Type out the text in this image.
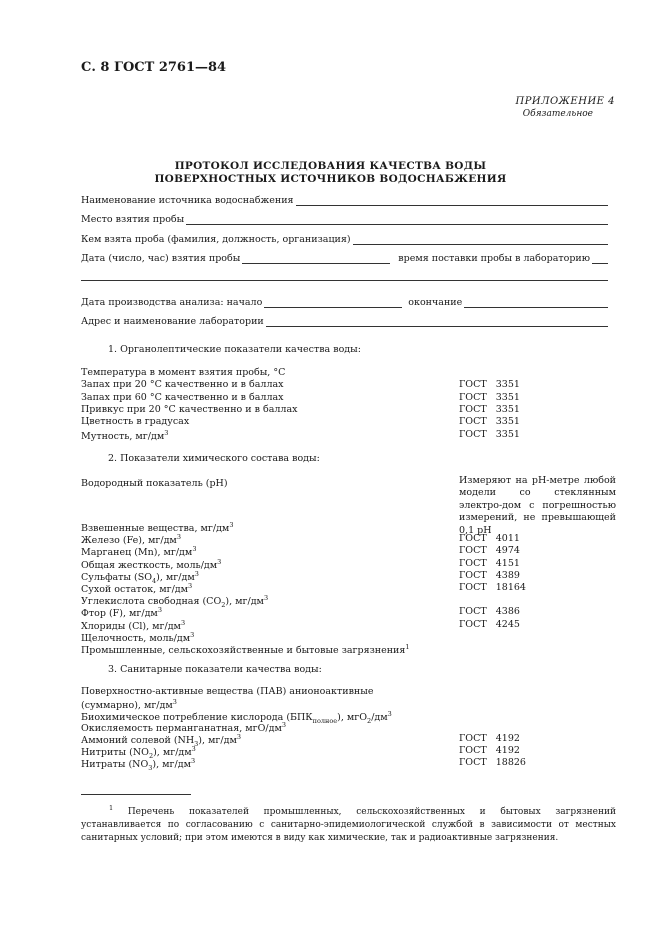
С. 8 ГОСТ 2761—84
ПРИЛОЖЕНИЕ 4
Обязательное
ПРОТОКОЛ ИССЛЕДОВАНИЯ КАЧЕСТВА ВОДЫ
ПОВЕРХНОСТНЫХ ИСТОЧНИКОВ ВОДОСНАБЖЕНИЯ
Наименование источника водоснабжения
Место взятия пробы
Кем взята проба (фамилия, должность, организация)
Дата (число, час) взятия пробы	время поставки пробы в лабораторию
Дата производства анализа: начало	окончание
Адрес и наименование лаборатории
1. Органолептические показатели качества воды:
2. Показатели химического состава воды:
Водородный показатель (рН)	Измеряют на рН-метре любой модели со стеклянным электро-дом с погрешностью измерений, не превышающей 0,1 рН
3. Санитарные показатели качества воды:
$^1$ Перечень показателей промышленных, сельскохозяйственных и бытовых загрязнений устанавливается по согласованию с санитарно-эпидемиологической службой в зависимости от местных санитарных условий; при этом имеются в виду как химические, так и радиоактивные загрязнения.
Температура в момент взятия пробы, °С
Запах при 20 °С качественно и в баллах	ГОСТ   3351
Запах при 60 °С качественно и в баллах	ГОСТ   3351
Привкус при 20 °С качественно и в баллах	ГОСТ   3351
Цветность в градусах	ГОСТ   3351
Мутность, $мг/дм^3$	ГОСТ   3351
Взвешенные вещества, $мг/дм^3$
Железо (Fe), $мг/дм^3$	ГОСТ   4011
Марганец (Mn), $мг/дм^3$	ГОСТ   4974
Общая жесткость, моль/$дм^3$	ГОСТ   4151
Сульфаты $(SO_4)$, $мг/дм^3$	ГОСТ   4389
Сухой остаток, $мг/дм^3$	ГОСТ   18164
Углекислота свободная $(CO_2)$, $мг/дм^3$
Фтор (F), $мг/дм^3$	ГОСТ   4386
Хлориды (Cl), $мг/дм^3$	ГОСТ   4245
Щелочность, моль/$дм^3$
Промышленные, сельскохозяйственные и бытовые загрязнения$^1$
Поверхностно-активные вещества (ПАВ) анионоактивные
(суммарно), $мг/дм^3$
Биохимическое потребление кислорода $(БПК_{полное})$, $мгO_2/дм^3$
Окисляемость перманганатная, мгO/$дм^3$
Аммоний солевой $(NH_3)$, $мг/дм^3$	ГОСТ   4192
Нитриты $(NO_2)$, $мг/дм^3$	ГОСТ   4192
Нитраты $(NO_3)$, $мг/дм^3$	ГОСТ   18826
